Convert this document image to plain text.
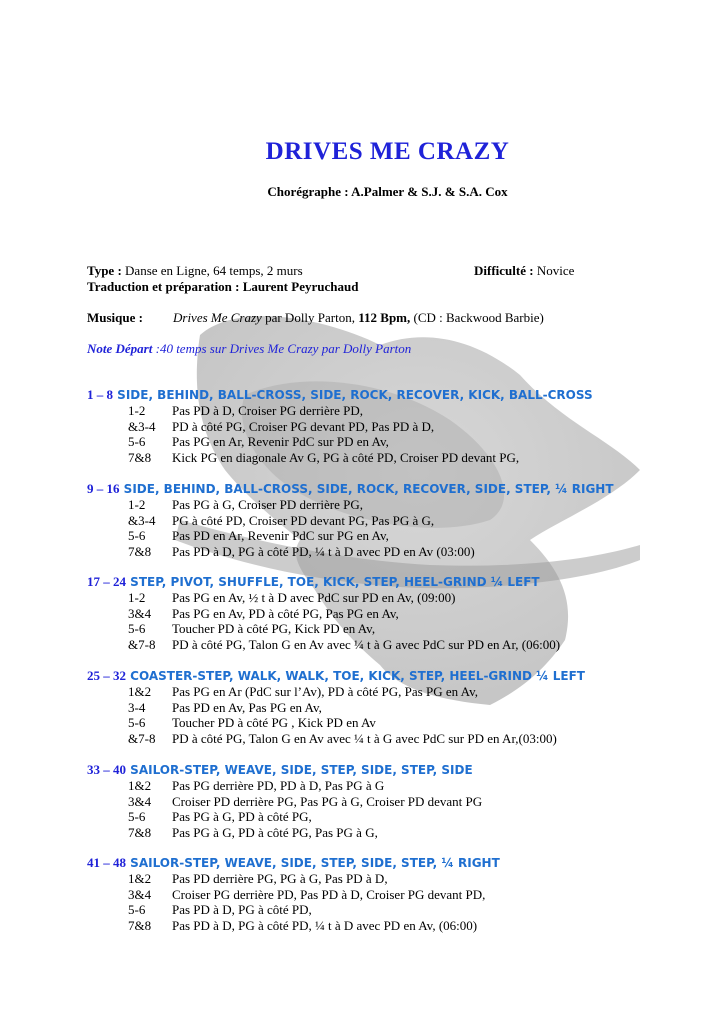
DRIVES ME CRAZY
Chorégraphe : A.Palmer & S.J. & S.A. Cox
Type : Danse en Ligne, 64 temps, 2 murs	Difficulté : Novice
Traduction et préparation : Laurent Peyruchaud
Musique : Drives Me Crazy par Dolly Parton, 112 Bpm, (CD : Backwood Barbie)
Note Départ :40 temps sur Drives Me Crazy par Dolly Parton
1 – 8 SIDE, BEHIND, BALL-CROSS, SIDE, ROCK, RECOVER, KICK, BALL-CROSS
1-2 Pas PD à D, Croiser PG derrière PD,
&3-4 PD à côté PG, Croiser PG devant PD, Pas PD à D,
5-6 Pas PG en Ar, Revenir PdC sur PD en Av,
7&8 Kick PG en diagonale Av G, PG à côté PD, Croiser PD devant PG,
9 – 16 SIDE, BEHIND, BALL-CROSS, SIDE, ROCK, RECOVER, SIDE, STEP, ¼ RIGHT
1-2 Pas PG à G, Croiser PD derrière PG,
&3-4 PG à côté PD, Croiser PD devant PG, Pas PG à G,
5-6 Pas PD en Ar, Revenir PdC sur PG en Av,
7&8 Pas PD à D, PG à côté PD, ¼ t à D avec PD en Av (03:00)
17 – 24 STEP, PIVOT, SHUFFLE, TOE, KICK, STEP, HEEL-GRIND ¼ LEFT
1-2 Pas PG en Av, ½ t à D avec PdC sur PD en Av, (09:00)
3&4 Pas PG en Av, PD à côté PG, Pas PG en Av,
5-6 Toucher PD à côté PG, Kick PD en Av,
&7-8 PD à côté PG, Talon G en Av avec ¼ t à G avec PdC sur PD en Ar, (06:00)
25 – 32 COASTER-STEP, WALK, WALK, TOE, KICK, STEP, HEEL-GRIND ¼ LEFT
1&2 Pas PG en Ar (PdC sur l’Av), PD à côté PG, Pas PG en Av,
3-4 Pas PD en Av, Pas PG en Av,
5-6 Toucher PD à côté PG , Kick PD en Av
&7-8 PD à côté PG, Talon G en Av avec ¼ t à G avec PdC sur PD en Ar,(03:00)
33 – 40 SAILOR-STEP, WEAVE, SIDE, STEP, SIDE, STEP, SIDE
1&2 Pas PG derrière PD, PD à D, Pas PG à G
3&4 Croiser PD derrière PG, Pas PG à G, Croiser PD devant PG
5-6 Pas PG à G, PD à côté PG,
7&8 Pas PG à G, PD à côté PG, Pas PG à G,
41 – 48 SAILOR-STEP, WEAVE, SIDE, STEP, SIDE, STEP, ¼ RIGHT
1&2 Pas PD derrière PG, PG à G, Pas PD à D,
3&4 Croiser PG derrière PD, Pas PD à D, Croiser PG devant PD,
5-6 Pas PD à D, PG à côté PD,
7&8 Pas PD à D, PG à côté PD, ¼ t à D avec PD en Av, (06:00)
